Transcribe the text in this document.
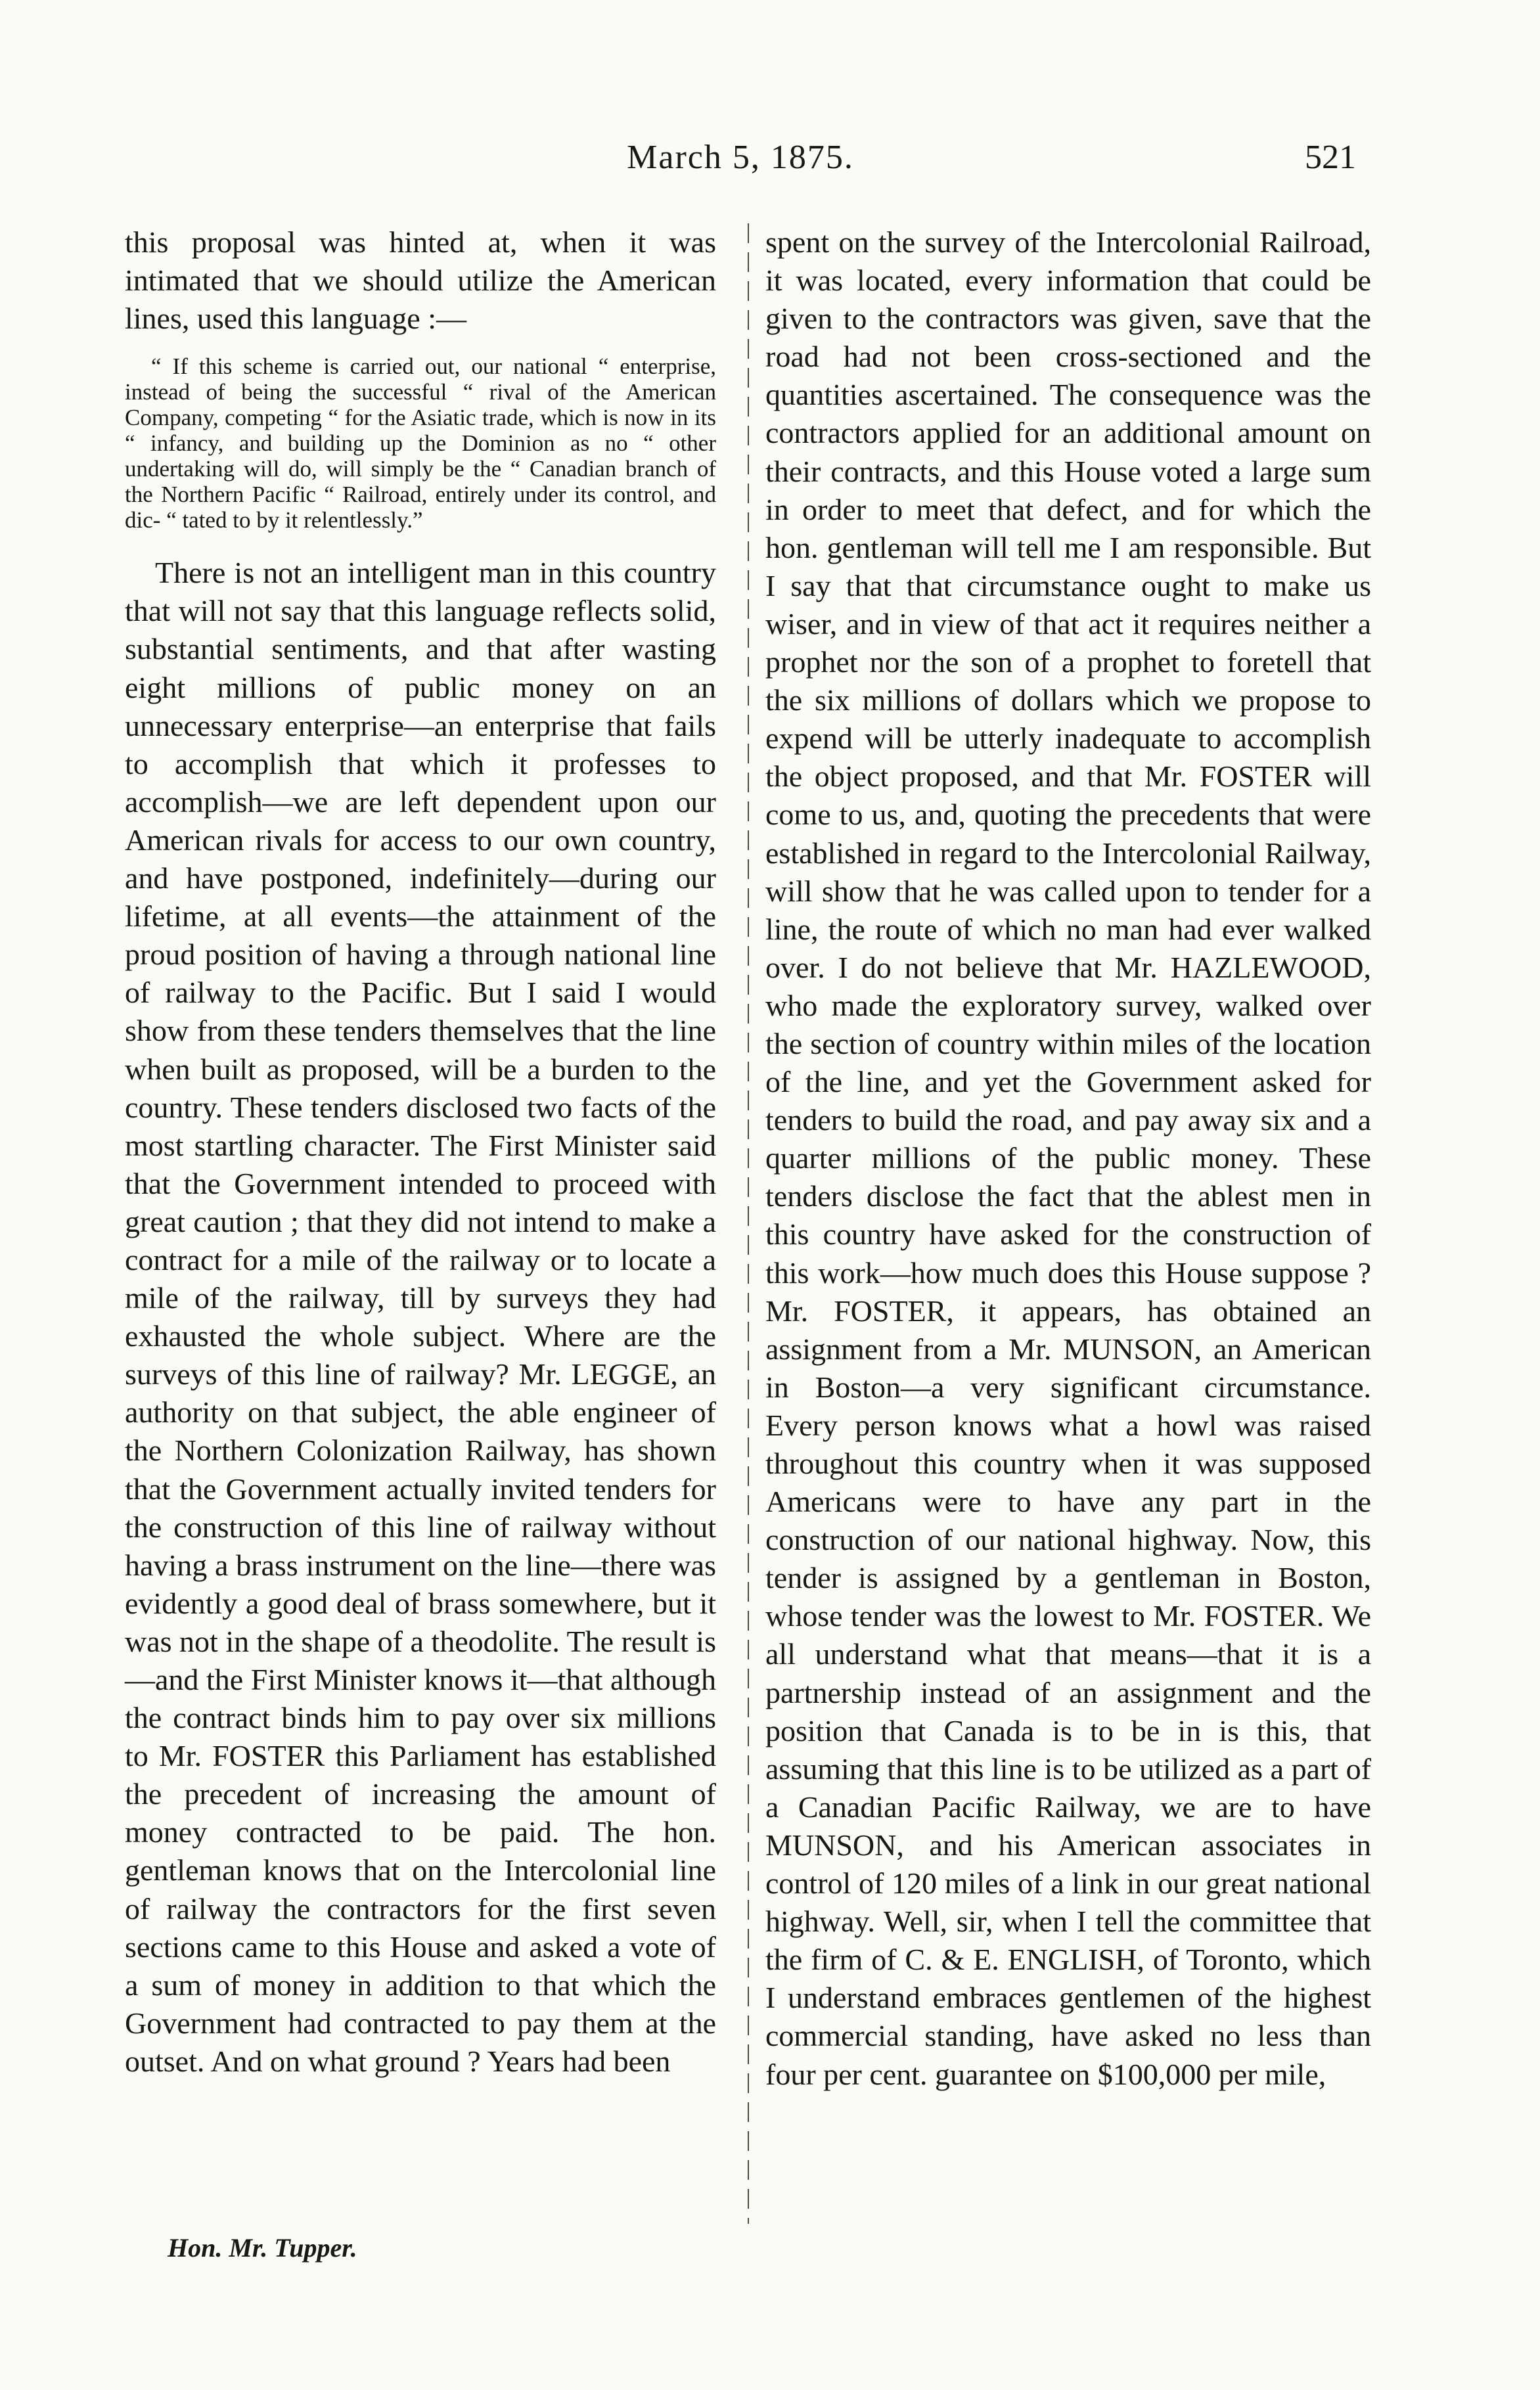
March 5, 1875.	521

this proposal was hinted at, when it was intimated that we should utilize the American lines, used this language :—

“ If this scheme is carried out, our national “ enterprise, instead of being the successful “ rival of the American Company, competing “ for the Asiatic trade, which is now in its “ infancy, and building up the Dominion as no “ other undertaking will do, will simply be the “ Canadian branch of the Northern Pacific “ Railroad, entirely under its control, and dic- “ tated to by it relentlessly.”

There is not an intelligent man in this country that will not say that this language reflects solid, substantial sentiments, and that after wasting eight millions of public money on an unnecessary enterprise—an enterprise that fails to accomplish that which it professes to accomplish—we are left dependent upon our American rivals for access to our own country, and have postponed, indefinitely—during our lifetime, at all events—the attainment of the proud position of having a through national line of railway to the Pacific. But I said I would show from these tenders themselves that the line when built as proposed, will be a burden to the country. These tenders disclosed two facts of the most startling character. The First Minister said that the Government intended to proceed with great caution ; that they did not intend to make a contract for a mile of the railway or to locate a mile of the railway, till by surveys they had exhausted the whole subject. Where are the surveys of this line of railway? Mr. LEGGE, an authority on that subject, the able engineer of the Northern Colonization Railway, has shown that the Government actually invited tenders for the construction of this line of railway without having a brass instrument on the line—there was evidently a good deal of brass somewhere, but it was not in the shape of a theodolite. The result is—and the First Minister knows it—that although the contract binds him to pay over six millions to Mr. FOSTER this Parliament has established the precedent of increasing the amount of money contracted to be paid. The hon. gentleman knows that on the Intercolonial line of railway the contractors for the first seven sections came to this House and asked a vote of a sum of money in addition to that which the Government had contracted to pay them at the outset. And on what ground ? Years had been

spent on the survey of the Intercolonial Railroad, it was located, every information that could be given to the contractors was given, save that the road had not been cross-sectioned and the quantities ascertained. The consequence was the contractors applied for an additional amount on their contracts, and this House voted a large sum in order to meet that defect, and for which the hon. gentleman will tell me I am responsible. But I say that that circumstance ought to make us wiser, and in view of that act it requires neither a prophet nor the son of a prophet to foretell that the six millions of dollars which we propose to expend will be utterly inadequate to accomplish the object proposed, and that Mr. FOSTER will come to us, and, quoting the precedents that were established in regard to the Intercolonial Railway, will show that he was called upon to tender for a line, the route of which no man had ever walked over. I do not believe that Mr. HAZLEWOOD, who made the exploratory survey, walked over the section of country within miles of the location of the line, and yet the Government asked for tenders to build the road, and pay away six and a quarter millions of the public money. These tenders disclose the fact that the ablest men in this country have asked for the construction of this work—how much does this House suppose ? Mr. FOSTER, it appears, has obtained an assignment from a Mr. MUNSON, an American in Boston—a very significant circumstance. Every person knows what a howl was raised throughout this country when it was supposed Americans were to have any part in the construction of our national highway. Now, this tender is assigned by a gentleman in Boston, whose tender was the lowest to Mr. FOSTER. We all understand what that means—that it is a partnership instead of an assignment and the position that Canada is to be in is this, that assuming that this line is to be utilized as a part of a Canadian Pacific Railway, we are to have MUNSON, and his American associates in control of 120 miles of a link in our great national highway. Well, sir, when I tell the committee that the firm of C. & E. ENGLISH, of Toronto, which I understand embraces gentlemen of the highest commercial standing, have asked no less than four per cent. guarantee on $100,000 per mile,

Hon. Mr. Tupper.
